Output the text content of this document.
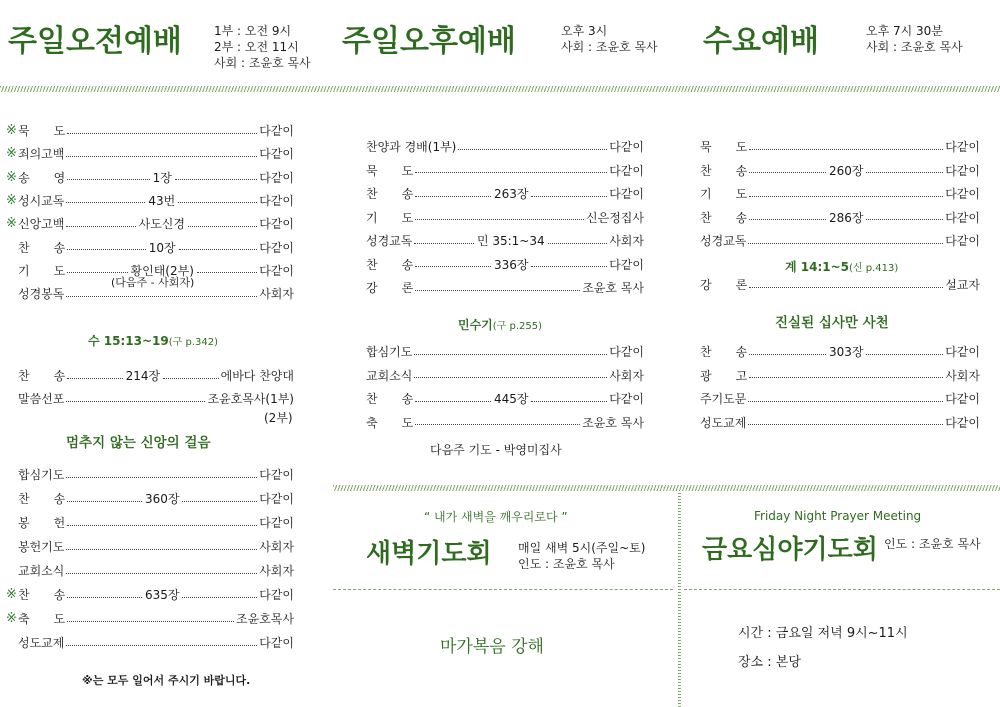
주일오전예배	1부 : 오전 9시
2부 : 오전 11시
사회 : 조윤호 목사
주일오후예배	오후 3시
사회 : 조윤호 목사 수요예배	오후 7시 30분
사회 : 조윤호 목사
※ 묵　　도	다같이
※ 죄의고백	다같이
※ 송　　영	1장	다같이
※ 성시교독	43번	다같이
※ 신앙고백	사도신경	다같이
찬　　송	10장	다같이
기　　도	황인태(2부)	다같이
성경봉독	사회자
(다음주 - 사회자)
수 15:13~19(구 p.342)
찬　　송	214장	에바다 찬양대
말씀선포	조윤호목사(1부)
(2부)
멈추지 않는 신앙의 걸음
합심기도	다같이
찬　　송	360장	다같이
봉　　헌	다같이
봉헌기도	사회자
교회소식	사회자
※ 찬　　송	635장	다같이
※ 축　　도	조윤호목사
성도교제	다같이
※는 모두 일어서 주시기 바랍니다.
찬양과 경배(1부)	다같이
묵　　도	다같이
찬　　송	263장	다같이
기　　도	신은정집사
성경교독	민 35:1~34	사회자
찬　　송	336장	다같이
강　　론	조윤호 목사
민수기(구 p.255)
합심기도	다같이
교회소식	사회자
찬　　송	445장	다같이
축　　도	조윤호 목사
다음주 기도 - 박영미집사
묵　　도	다같이
찬　　송	260장	다같이
기　　도	다같이
찬　　송	286장	다같이
성경교독	다같이
계 14:1~5(신 p.413)
강　　론	설교자
진실된 십사만 사천
찬　　송	303장	다같이
광　　고	사회자
주기도문	다같이
성도교제	다같이
“ 내가 새벽을 깨우리로다 ”
새벽기도회 매일 새벽 5시(주일~토)
인도 : 조윤호 목사
마가복음 강해
Friday Night Prayer Meeting
금요심야기도회 인도 : 조윤호 목사
시간 : 금요일 저녁 9시~11시
장소 : 본당
